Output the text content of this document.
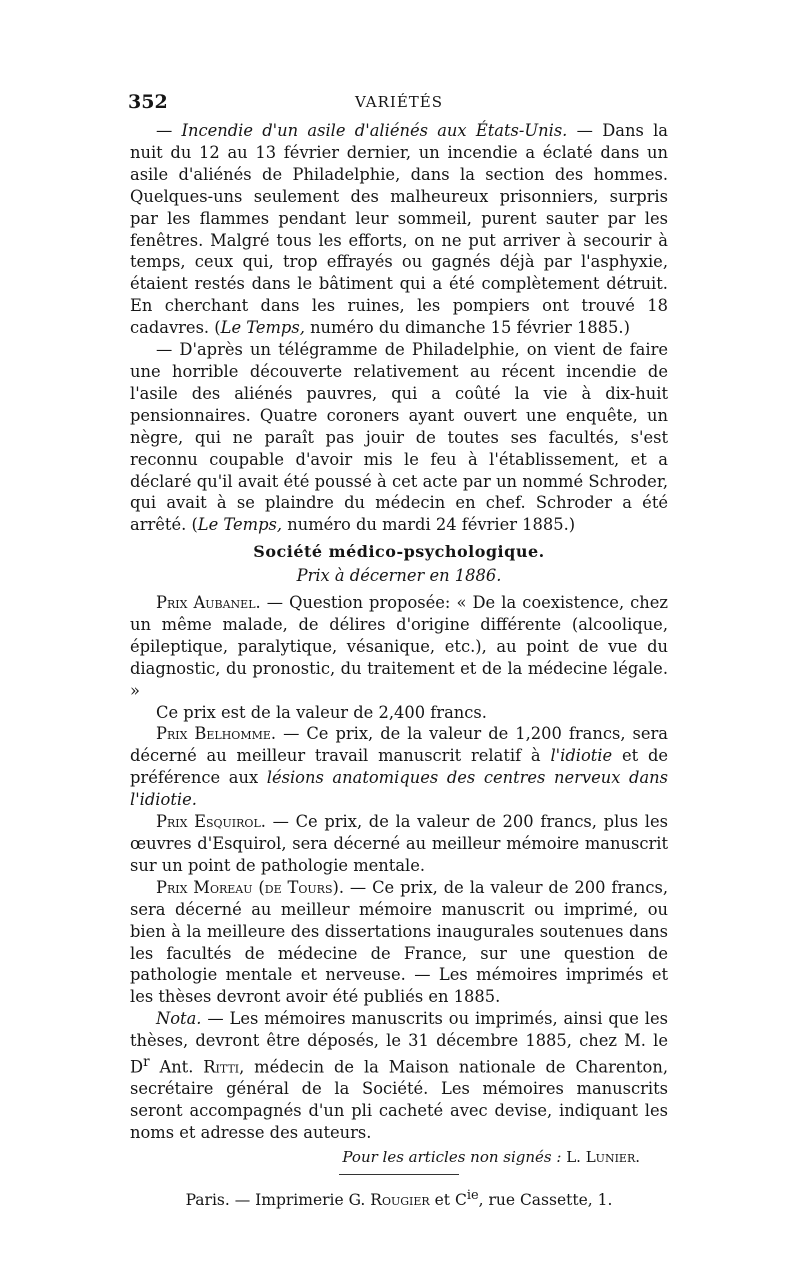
352	VARIÉTÉS

— Incendie d'un asile d'aliénés aux États-Unis. — Dans la nuit du 12 au 13 février dernier, un incendie a éclaté dans un asile d'aliénés de Philadelphie, dans la section des hommes. Quelques-uns seulement des malheureux prisonniers, surpris par les flammes pendant leur sommeil, purent sauter par les fenêtres. Malgré tous les efforts, on ne put arriver à secourir à temps, ceux qui, trop effrayés ou gagnés déjà par l'asphyxie, étaient restés dans le bâtiment qui a été complètement détruit. En cherchant dans les ruines, les pompiers ont trouvé 18 cadavres. (Le Temps, numéro du dimanche 15 février 1885.)

— D'après un télégramme de Philadelphie, on vient de faire une horrible découverte relativement au récent incendie de l'asile des aliénés pauvres, qui a coûté la vie à dix-huit pensionnaires. Quatre coroners ayant ouvert une enquête, un nègre, qui ne paraît pas jouir de toutes ses facultés, s'est reconnu coupable d'avoir mis le feu à l'établissement, et a déclaré qu'il avait été poussé à cet acte par un nommé Schroder, qui avait à se plaindre du médecin en chef. Schroder a été arrêté. (Le Temps, numéro du mardi 24 février 1885.)

Société médico-psychologique.
Prix à décerner en 1886.

Prix Aubanel. — Question proposée: « De la coexistence, chez un même malade, de délires d'origine différente (alcoolique, épileptique, paralytique, vésanique, etc.), au point de vue du diagnostic, du pronostic, du traitement et de la médecine légale. »

Ce prix est de la valeur de 2,400 francs.

Prix Belhomme. — Ce prix, de la valeur de 1,200 francs, sera décerné au meilleur travail manuscrit relatif à l'idiotie et de préférence aux lésions anatomiques des centres nerveux dans l'idiotie.

Prix Esquirol. — Ce prix, de la valeur de 200 francs, plus les œuvres d'Esquirol, sera décerné au meilleur mémoire manuscrit sur un point de pathologie mentale.

Prix Moreau (de Tours). — Ce prix, de la valeur de 200 francs, sera décerné au meilleur mémoire manuscrit ou imprimé, ou bien à la meilleure des dissertations inaugurales soutenues dans les facultés de médecine de France, sur une question de pathologie mentale et nerveuse. — Les mémoires imprimés et les thèses devront avoir été publiés en 1885.

Nota. — Les mémoires manuscrits ou imprimés, ainsi que les thèses, devront être déposés, le 31 décembre 1885, chez M. le $D^r$ Ant. Ritti, médecin de la Maison nationale de Charenton, secrétaire général de la Société. Les mémoires manuscrits seront accompagnés d'un pli cacheté avec devise, indiquant les noms et adresse des auteurs.

Pour les articles non signés : L. Lunier.
Paris. — Imprimerie G. Rougier et $C^{ie}$, rue Cassette, 1.
